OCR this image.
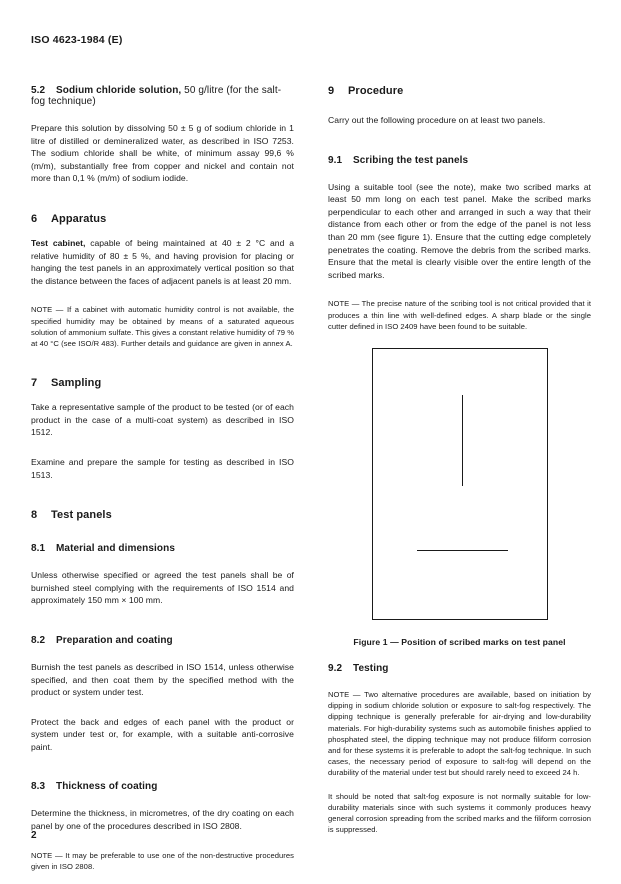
ISO 4623-1984 (E)
5.2 Sodium chloride solution, 50 g/litre (for the salt-fog technique)

Prepare this solution by dissolving 50 ± 5 g of sodium chloride in 1 litre of distilled or demineralized water, as described in ISO 7253. The sodium chloride shall be white, of minimum assay 99,6 % (m/m), substantially free from copper and nickel and contain not more than 0,1 % (m/m) of sodium iodide.

6 Apparatus

Test cabinet, capable of being maintained at 40 ± 2 °C and a relative humidity of 80 ± 5 %, and having provision for placing or hanging the test panels in an approximately vertical position so that the distance between the faces of adjacent panels is at least 20 mm.

NOTE — If a cabinet with automatic humidity control is not available, the specified humidity may be obtained by means of a saturated aqueous solution of ammonium sulfate. This gives a constant relative humidity of 79 % at 40 °C (see ISO/R 483). Further details and guidance are given in annex A.

7 Sampling

Take a representative sample of the product to be tested (or of each product in the case of a multi-coat system) as described in ISO 1512.

Examine and prepare the sample for testing as described in ISO 1513.

8 Test panels
8.1 Material and dimensions

Unless otherwise specified or agreed the test panels shall be of burnished steel complying with the requirements of ISO 1514 and approximately 150 mm × 100 mm.

8.2 Preparation and coating

Burnish the test panels as described in ISO 1514, unless otherwise specified, and then coat them by the specified method with the product or system under test.

Protect the back and edges of each panel with the product or system under test or, for example, with a suitable anti-corrosive paint.

8.3 Thickness of coating

Determine the thickness, in micrometres, of the dry coating on each panel by one of the procedures described in ISO 2808.

NOTE — It may be preferable to use one of the non-destructive procedures given in ISO 2808.

9 Procedure

Carry out the following procedure on at least two panels.

9.1 Scribing the test panels

Using a suitable tool (see the note), make two scribed marks at least 50 mm long on each test panel. Make the scribed marks perpendicular to each other and arranged in such a way that their distance from each other or from the edge of the panel is not less than 20 mm (see figure 1). Ensure that the cutting edge completely penetrates the coating. Remove the debris from the scribed marks. Ensure that the metal is clearly visible over the entire length of the scribed marks.

NOTE — The precise nature of the scribing tool is not critical provided that it produces a thin line with well-defined edges. A sharp blade or the single cutter defined in ISO 2409 have been found to be suitable.

Figure 1 — Position of scribed marks on test panel
9.2 Testing

NOTE — Two alternative procedures are available, based on initiation by dipping in sodium chloride solution or exposure to salt-fog respectively. The dipping technique is generally preferable for air-drying and low-durability materials. For high-durability systems such as automobile finishes applied to phosphated steel, the dipping technique may not produce filiform corrosion and for these systems it is preferable to adopt the salt-fog technique. In such cases, the necessary period of exposure to salt-fog will depend on the durability of the material under test but should rarely need to exceed 24 h.

It should be noted that salt-fog exposure is not normally suitable for low-durability materials since with such systems it commonly produces heavy general corrosion spreading from the scribed marks and the filiform corrosion is suppressed.

2
